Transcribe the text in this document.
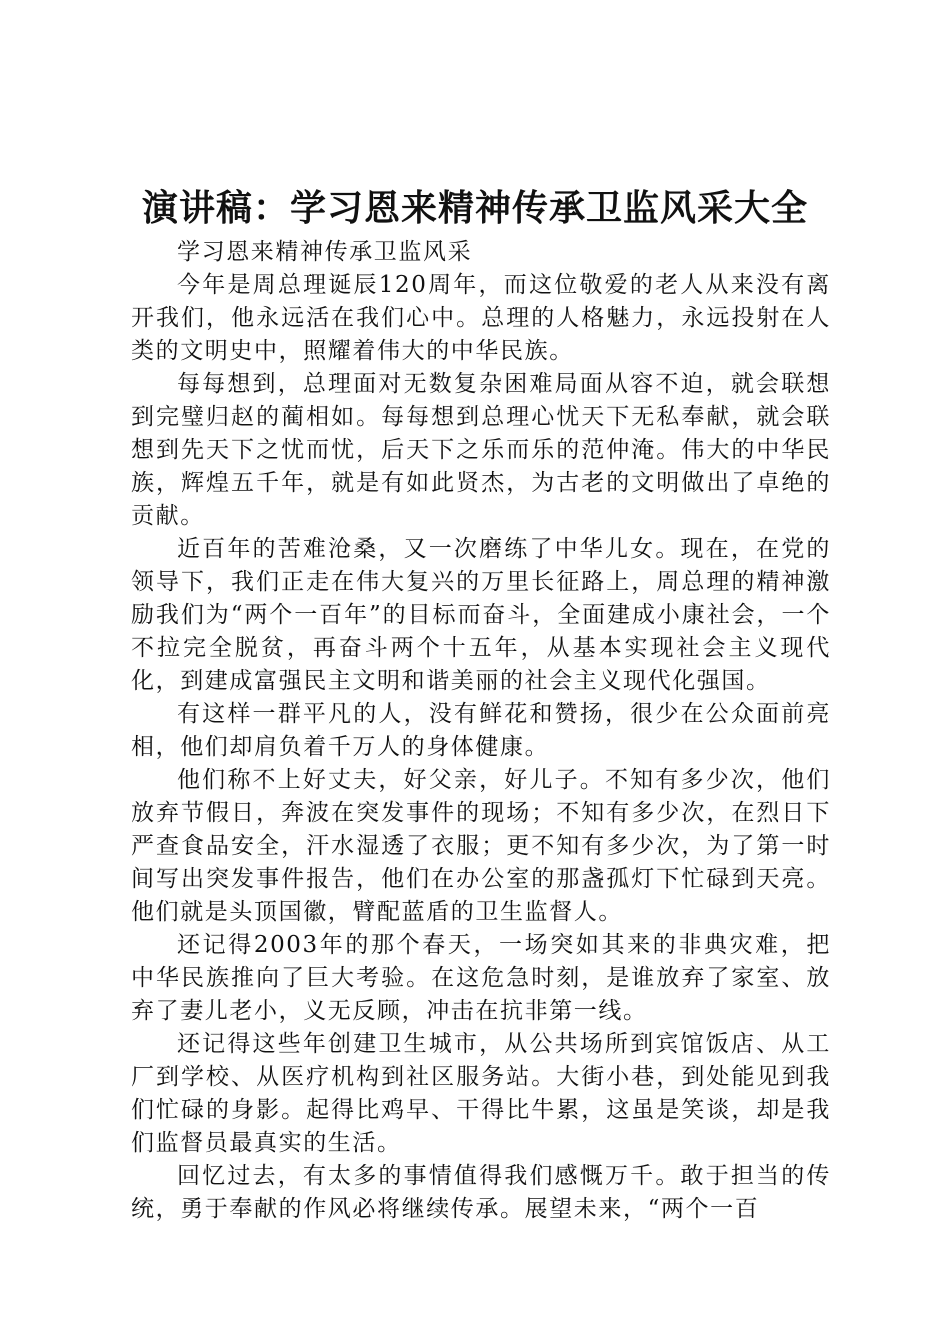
演讲稿：学习恩来精神传承卫监风采大全

学习恩来精神传承卫监风采

今年是周总理诞辰120周年，而这位敬爱的老人从来没有离开我们，他永远活在我们心中。总理的人格魅力，永远投射在人类的文明史中，照耀着伟大的中华民族。

每每想到，总理面对无数复杂困难局面从容不迫，就会联想到完璧归赵的蔺相如。每每想到总理心忧天下无私奉献，就会联想到先天下之忧而忧，后天下之乐而乐的范仲淹。伟大的中华民族，辉煌五千年，就是有如此贤杰，为古老的文明做出了卓绝的贡献。

近百年的苦难沧桑，又一次磨练了中华儿女。现在，在党的领导下，我们正走在伟大复兴的万里长征路上，周总理的精神激励我们为“两个一百年”的目标而奋斗，全面建成小康社会，一个不拉完全脱贫，再奋斗两个十五年，从基本实现社会主义现代化，到建成富强民主文明和谐美丽的社会主义现代化强国。

有这样一群平凡的人，没有鲜花和赞扬，很少在公众面前亮相，他们却肩负着千万人的身体健康。

他们称不上好丈夫，好父亲，好儿子。不知有多少次，他们放弃节假日，奔波在突发事件的现场；不知有多少次，在烈日下严查食品安全，汗水湿透了衣服；更不知有多少次，为了第一时间写出突发事件报告，他们在办公室的那盏孤灯下忙碌到天亮。他们就是头顶国徽，臂配蓝盾的卫生监督人。

还记得2003年的那个春天，一场突如其来的非典灾难，把中华民族推向了巨大考验。在这危急时刻，是谁放弃了家室、放弃了妻儿老小，义无反顾，冲击在抗非第一线。

还记得这些年创建卫生城市，从公共场所到宾馆饭店、从工厂到学校、从医疗机构到社区服务站。大街小巷，到处能见到我们忙碌的身影。起得比鸡早、干得比牛累，这虽是笑谈，却是我们监督员最真实的生活。

回忆过去，有太多的事情值得我们感慨万千。敢于担当的传统，勇于奉献的作风必将继续传承。展望未来，“两个一百
